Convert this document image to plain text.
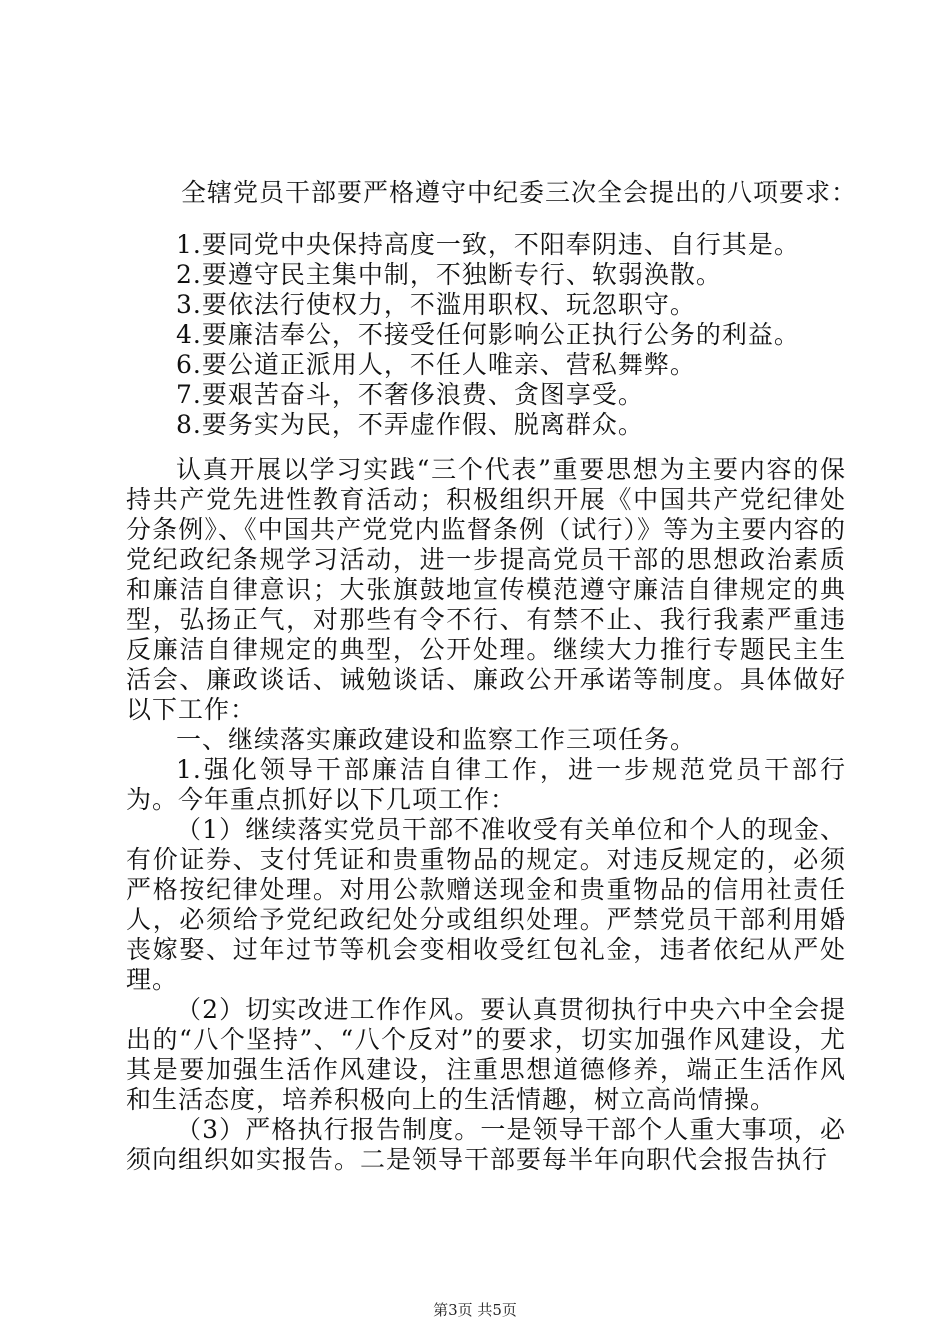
全辖党员干部要严格遵守中纪委三次全会提出的八项要求：
1.要同党中央保持高度一致，不阳奉阴违、自行其是。
2.要遵守民主集中制，不独断专行、软弱涣散。
3.要依法行使权力，不滥用职权、玩忽职守。
4.要廉洁奉公，不接受任何影响公正执行公务的利益。
6.要公道正派用人，不任人唯亲、营私舞弊。
7.要艰苦奋斗，不奢侈浪费、贪图享受。
8.要务实为民，不弄虚作假、脱离群众。

认真开展以学习实践“三个代表”重要思想为主要内容的保持共产党先进性教育活动；积极组织开展《中国共产党纪律处分条例》、《中国共产党党内监督条例（试行）》等为主要内容的党纪政纪条规学习活动，进一步提高党员干部的思想政治素质和廉洁自律意识；大张旗鼓地宣传模范遵守廉洁自律规定的典型，弘扬正气，对那些有令不行、有禁不止、我行我素严重违反廉洁自律规定的典型，公开处理。继续大力推行专题民主生活会、廉政谈话、诫勉谈话、廉政公开承诺等制度。具体做好以下工作：

一、继续落实廉政建设和监察工作三项任务。

1.强化领导干部廉洁自律工作，进一步规范党员干部行为。今年重点抓好以下几项工作：

（1）继续落实党员干部不准收受有关单位和个人的现金、有价证券、支付凭证和贵重物品的规定。对违反规定的，必须严格按纪律处理。对用公款赠送现金和贵重物品的信用社责任人，必须给予党纪政纪处分或组织处理。严禁党员干部利用婚丧嫁娶、过年过节等机会变相收受红包礼金，违者依纪从严处理。

（2）切实改进工作作风。要认真贯彻执行中央六中全会提出的“八个坚持”、“八个反对”的要求，切实加强作风建设，尤其是要加强生活作风建设，注重思想道德修养，端正生活作风和生活态度，培养积极向上的生活情趣，树立高尚情操。

（3）严格执行报告制度。一是领导干部个人重大事项，必须向组织如实报告。二是领导干部要每半年向职代会报告执行

第3页 共5页
